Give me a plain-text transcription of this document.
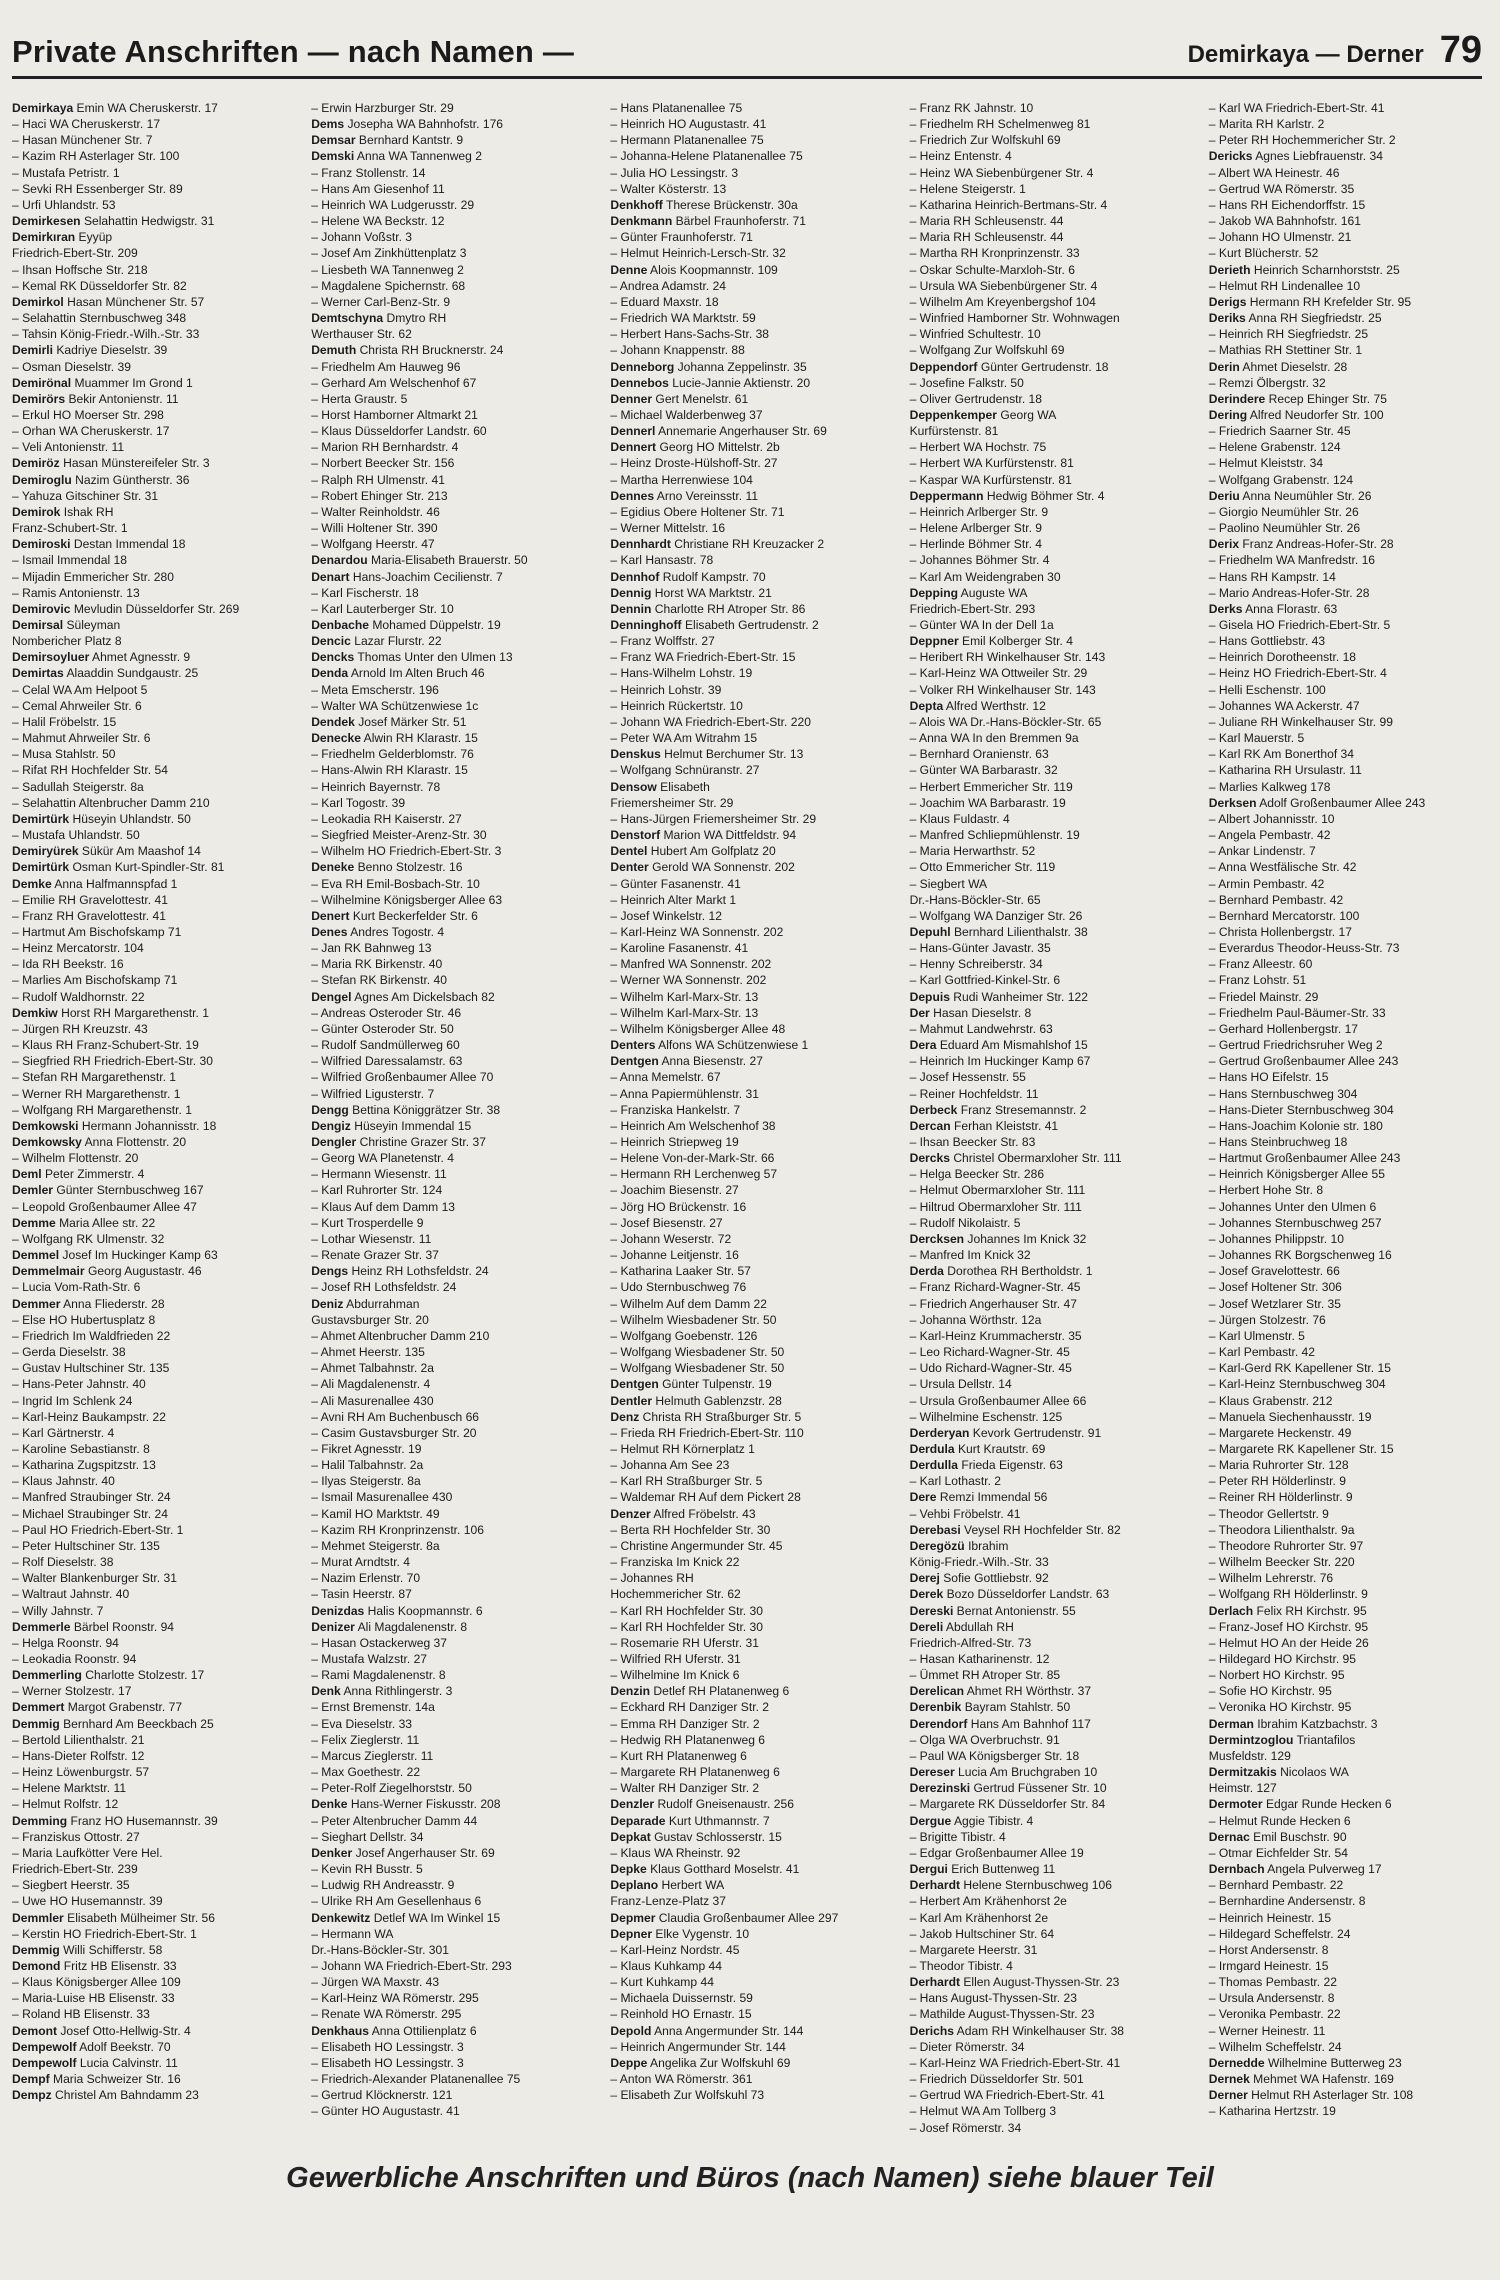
Private Anschriften — nach Namen —	Demirkaya — Derner 79
Demirkaya Emin WA Cheruskerstr. 17
– Haci WA Cheruskerstr. 17
– Hasan Münchener Str. 7
– Kazim RH Asterlager Str. 100
– Mustafa Petristr. 1
– Sevki RH Essenberger Str. 89
– Urfi Uhlandstr. 53
Demirkesen Selahattin Hedwigstr. 31
Demirkıran Eyyüp
Friedrich-Ebert-Str. 209
– Ihsan Hoffsche Str. 218
– Kemal RK Düsseldorfer Str. 82
Demirkol Hasan Münchener Str. 57
– Selahattin Sternbuschweg 348
– Tahsin König-Friedr.-Wilh.-Str. 33
Demirli Kadriye Dieselstr. 39
– Osman Dieselstr. 39
Demirönal Muammer Im Grond 1
Demirörs Bekir Antonienstr. 11
– Erkul HO Moerser Str. 298
– Orhan WA Cheruskerstr. 17
– Veli Antonienstr. 11
Demiröz Hasan Münstereifeler Str. 3
Demiroglu Nazim Güntherstr. 36
– Yahuza Gitschiner Str. 31
Demirok Ishak RH
Franz-Schubert-Str. 1
Demiroski Destan Immendal 18
– Ismail Immendal 18
– Mijadin Emmericher Str. 280
– Ramis Antonienstr. 13
Demirovic Mevludin Düsseldorfer Str. 269
Demirsal Süleyman
Nombericher Platz 8
Demirsoyluer Ahmet Agnesstr. 9
Demirtas Alaaddin Sundgaustr. 25
– Celal WA Am Helpoot 5
– Cemal Ahrweiler Str. 6
– Halil Fröbelstr. 15
– Mahmut Ahrweiler Str. 6
– Musa Stahlstr. 50
– Rifat RH Hochfelder Str. 54
– Sadullah Steigerstr. 8a
– Selahattin Altenbrucher Damm 210
Demirtürk Hüseyin Uhlandstr. 50
– Mustafa Uhlandstr. 50
Demiryürek Sükür Am Maashof 14
Demirtürk Osman Kurt-Spindler-Str. 81
Demke Anna Halfmannspfad 1
– Emilie RH Gravelottestr. 41
– Franz RH Gravelottestr. 41
– Hartmut Am Bischofskamp 71
– Heinz Mercatorstr. 104
– Ida RH Beekstr. 16
– Marlies Am Bischofskamp 71
– Rudolf Waldhornstr. 22
Demkiw Horst RH Margarethenstr. 1
– Jürgen RH Kreuzstr. 43
– Klaus RH Franz-Schubert-Str. 19
– Siegfried RH Friedrich-Ebert-Str. 30
– Stefan RH Margarethenstr. 1
– Werner RH Margarethenstr. 1
– Wolfgang RH Margarethenstr. 1
Demkowski Hermann Johannisstr. 18
Demkowsky Anna Flottenstr. 20
– Wilhelm Flottenstr. 20
Deml Peter Zimmerstr. 4
Demler Günter Sternbuschweg 167
– Leopold Großenbaumer Allee 47
Demme Maria Allee str. 22
– Wolfgang RK Ulmenstr. 32
Demmel Josef Im Huckinger Kamp 63
Demmelmair Georg Augustastr. 46
– Lucia Vom-Rath-Str. 6
Demmer Anna Fliederstr. 28
– Else HO Hubertusplatz 8
– Friedrich Im Waldfrieden 22
– Gerda Dieselstr. 38
– Gustav Hultschiner Str. 135
– Hans-Peter Jahnstr. 40
– Ingrid Im Schlenk 24
– Karl-Heinz Baukampstr. 22
– Karl Gärtnerstr. 4
– Karoline Sebastianstr. 8
– Katharina Zugspitzstr. 13
– Klaus Jahnstr. 40
– Manfred Straubinger Str. 24
– Michael Straubinger Str. 24
– Paul HO Friedrich-Ebert-Str. 1
– Peter Hultschiner Str. 135
– Rolf Dieselstr. 38
– Walter Blankenburger Str. 31
– Waltraut Jahnstr. 40
– Willy Jahnstr. 7
Demmerle Bärbel Roonstr. 94
– Helga Roonstr. 94
– Leokadia Roonstr. 94
Demmerling Charlotte Stolzestr. 17
– Werner Stolzestr. 17
Demmert Margot Grabenstr. 77
Demmig Bernhard Am Beeckbach 25
– Bertold Lilienthalstr. 21
– Hans-Dieter Rolfstr. 12
– Heinz Löwenburgstr. 57
– Helene Marktstr. 11
– Helmut Rolfstr. 12
Demming Franz HO Husemannstr. 39
– Franziskus Ottostr. 27
– Maria Laufkötter Vere Hel.
Friedrich-Ebert-Str. 239
– Siegbert Heerstr. 35
– Uwe HO Husemannstr. 39
Demmler Elisabeth Mülheimer Str. 56
– Kerstin HO Friedrich-Ebert-Str. 1
Demmig Willi Schifferstr. 58
Demond Fritz HB Elisenstr. 33
– Klaus Königsberger Allee 109
– Maria-Luise HB Elisenstr. 33
– Roland HB Elisenstr. 33
Demont Josef Otto-Hellwig-Str. 4
Dempewolf Adolf Beekstr. 70
Dempewolf Lucia Calvinstr. 11
Dempf Maria Schweizer Str. 16
Dempz Christel Am Bahndamm 23
– Erwin Harzburger Str. 29
Dems Josepha WA Bahnhofstr. 176
Demsar Bernhard Kantstr. 9
Demski Anna WA Tannenweg 2
– Franz Stollenstr. 14
– Hans Am Giesenhof 11
– Heinrich WA Ludgerusstr. 29
– Helene WA Beckstr. 12
– Johann Voßstr. 3
– Josef Am Zinkhüttenplatz 3
– Liesbeth WA Tannenweg 2
– Magdalene Spichernstr. 68
– Werner Carl-Benz-Str. 9
Demtschyna Dmytro RH
Werthauser Str. 62
Demuth Christa RH Brucknerstr. 24
– Friedhelm Am Hauweg 96
– Gerhard Am Welschenhof 67
– Herta Graustr. 5
– Horst Hamborner Altmarkt 21
– Klaus Düsseldorfer Landstr. 60
– Marion RH Bernhardstr. 4
– Norbert Beecker Str. 156
– Ralph RH Ulmenstr. 41
– Robert Ehinger Str. 213
– Walter Reinholdstr. 46
– Willi Holtener Str. 390
– Wolfgang Heerstr. 47
Denardou Maria-Elisabeth Brauerstr. 50
Denart Hans-Joachim Cecilienstr. 7
– Karl Fischerstr. 18
– Karl Lauterberger Str. 10
Denbache Mohamed Düppelstr. 19
Dencic Lazar Flurstr. 22
Dencks Thomas Unter den Ulmen 13
Denda Arnold Im Alten Bruch 46
– Meta Emscherstr. 196
– Walter WA Schützenwiese 1c
Dendek Josef Märker Str. 51
Denecke Alwin RH Klarastr. 15
– Friedhelm Gelderblomstr. 76
– Hans-Alwin RH Klarastr. 15
– Heinrich Bayernstr. 78
– Karl Togostr. 39
– Leokadia RH Kaiserstr. 27
– Siegfried Meister-Arenz-Str. 30
– Wilhelm HO Friedrich-Ebert-Str. 3
Deneke Benno Stolzestr. 16
– Eva RH Emil-Bosbach-Str. 10
– Wilhelmine Königsberger Allee 63
Denert Kurt Beckerfelder Str. 6
Denes Andres Togostr. 4
– Jan RK Bahnweg 13
– Maria RK Birkenstr. 40
– Stefan RK Birkenstr. 40
Dengel Agnes Am Dickelsbach 82
– Andreas Osteroder Str. 46
– Günter Osteroder Str. 50
– Rudolf Sandmüllerweg 60
– Wilfried Daressalamstr. 63
– Wilfried Großenbaumer Allee 70
– Wilfried Ligusterstr. 7
Dengg Bettina Königgrätzer Str. 38
Dengiz Hüseyin Immendal 15
Dengler Christine Grazer Str. 37
– Georg WA Planetenstr. 4
– Hermann Wiesenstr. 11
– Karl Ruhrorter Str. 124
– Klaus Auf dem Damm 13
– Kurt Trosperdelle 9
– Lothar Wiesenstr. 11
– Renate Grazer Str. 37
Dengs Heinz RH Lothsfeldstr. 24
– Josef RH Lothsfeldstr. 24
Deniz Abdurrahman
Gustavsburger Str. 20
– Ahmet Altenbrucher Damm 210
– Ahmet Heerstr. 135
– Ahmet Talbahnstr. 2a
– Ali Magdalenenstr. 4
– Ali Masurenallee 430
– Avni RH Am Buchenbusch 66
– Casim Gustavsburger Str. 20
– Fikret Agnesstr. 19
– Halil Talbahnstr. 2a
– Ilyas Steigerstr. 8a
– Ismail Masurenallee 430
– Kamil HO Marktstr. 49
– Kazim RH Kronprinzenstr. 106
– Mehmet Steigerstr. 8a
– Murat Arndtstr. 4
– Nazim Erlenstr. 70
– Tasin Heerstr. 87
Denizdas Halis Koopmannstr. 6
Denizer Ali Magdalenenstr. 8
– Hasan Ostackerweg 37
– Mustafa Walzstr. 27
– Rami Magdalenenstr. 8
Denk Anna Rithlingerstr. 3
– Ernst Bremenstr. 14a
– Eva Dieselstr. 33
– Felix Zieglerstr. 11
– Marcus Zieglerstr. 11
– Max Goethestr. 22
– Peter-Rolf Ziegelhorststr. 50
Denke Hans-Werner Fiskusstr. 208
– Peter Altenbrucher Damm 44
– Sieghart Dellstr. 34
Denker Josef Angerhauser Str. 69
– Kevin RH Busstr. 5
– Ludwig RH Andreasstr. 9
– Ulrike RH Am Gesellenhaus 6
Denkewitz Detlef WA Im Winkel 15
– Hermann WA
Dr.-Hans-Böckler-Str. 301
– Johann WA Friedrich-Ebert-Str. 293
– Jürgen WA Maxstr. 43
– Karl-Heinz WA Römerstr. 295
– Renate WA Römerstr. 295
Denkhaus Anna Ottilienplatz 6
– Elisabeth HO Lessingstr. 3
– Elisabeth HO Lessingstr. 3
– Friedrich-Alexander Platanenallee 75
– Gertrud Klöcknerstr. 121
– Günter HO Augustastr. 41
– Hans Platanenallee 75
– Heinrich HO Augustastr. 41
– Hermann Platanenallee 75
– Johanna-Helene Platanenallee 75
– Julia HO Lessingstr. 3
– Walter Kösterstr. 13
Denkhoff Therese Brückenstr. 30a
Denkmann Bärbel Fraunhoferstr. 71
– Günter Fraunhoferstr. 71
– Helmut Heinrich-Lersch-Str. 32
Denne Alois Koopmannstr. 109
– Andrea Adamstr. 24
– Eduard Maxstr. 18
– Friedrich WA Marktstr. 59
– Herbert Hans-Sachs-Str. 38
– Johann Knappenstr. 88
Denneborg Johanna Zeppelinstr. 35
Dennebos Lucie-Jannie Aktienstr. 20
Denner Gert Menelstr. 61
– Michael Walderbenweg 37
Dennerl Annemarie Angerhauser Str. 69
Dennert Georg HO Mittelstr. 2b
– Heinz Droste-Hülshoff-Str. 27
– Martha Herrenwiese 104
Dennes Arno Vereinsstr. 11
– Egidius Obere Holtener Str. 71
– Werner Mittelstr. 16
Dennhardt Christiane RH Kreuzacker 2
– Karl Hansastr. 78
Dennhof Rudolf Kampstr. 70
Dennig Horst WA Marktstr. 21
Dennin Charlotte RH Atroper Str. 86
Denninghoff Elisabeth Gertrudenstr. 2
– Franz Wolffstr. 27
– Franz WA Friedrich-Ebert-Str. 15
– Hans-Wilhelm Lohstr. 19
– Heinrich Lohstr. 39
– Heinrich Rückertstr. 10
– Johann WA Friedrich-Ebert-Str. 220
– Peter WA Am Witrahm 15
Denskus Helmut Berchumer Str. 13
– Wolfgang Schnüranstr. 27
Densow Elisabeth
Friemersheimer Str. 29
– Hans-Jürgen Friemersheimer Str. 29
Denstorf Marion WA Dittfeldstr. 94
Dentel Hubert Am Golfplatz 20
Denter Gerold WA Sonnenstr. 202
– Günter Fasanenstr. 41
– Heinrich Alter Markt 1
– Josef Winkelstr. 12
– Karl-Heinz WA Sonnenstr. 202
– Karoline Fasanenstr. 41
– Manfred WA Sonnenstr. 202
– Werner WA Sonnenstr. 202
– Wilhelm Karl-Marx-Str. 13
– Wilhelm Karl-Marx-Str. 13
– Wilhelm Königsberger Allee 48
Denters Alfons WA Schützenwiese 1
Dentgen Anna Biesenstr. 27
– Anna Memelstr. 67
– Anna Papiermühlenstr. 31
– Franziska Hankelstr. 7
– Heinrich Am Welschenhof 38
– Heinrich Striepweg 19
– Helene Von-der-Mark-Str. 66
– Hermann RH Lerchenweg 57
– Joachim Biesenstr. 27
– Jörg HO Brückenstr. 16
– Josef Biesenstr. 27
– Johann Weserstr. 72
– Johanne Leitjenstr. 16
– Katharina Laaker Str. 57
– Udo Sternbuschweg 76
– Wilhelm Auf dem Damm 22
– Wilhelm Wiesbadener Str. 50
– Wolfgang Goebenstr. 126
– Wolfgang Wiesbadener Str. 50
– Wolfgang Wiesbadener Str. 50
Dentgen Günter Tulpenstr. 19
Dentler Helmuth Gablenzstr. 28
Denz Christa RH Straßburger Str. 5
– Frieda RH Friedrich-Ebert-Str. 110
– Helmut RH Körnerplatz 1
– Johanna Am See 23
– Karl RH Straßburger Str. 5
– Waldemar RH Auf dem Pickert 28
Denzer Alfred Fröbelstr. 43
– Berta RH Hochfelder Str. 30
– Christine Angermunder Str. 45
– Franziska Im Knick 22
– Johannes RH
Hochemmericher Str. 62
– Karl RH Hochfelder Str. 30
– Karl RH Hochfelder Str. 30
– Rosemarie RH Uferstr. 31
– Wilfried RH Uferstr. 31
– Wilhelmine Im Knick 6
Denzin Detlef RH Platanenweg 6
– Eckhard RH Danziger Str. 2
– Emma RH Danziger Str. 2
– Hedwig RH Platanenweg 6
– Kurt RH Platanenweg 6
– Margarete RH Platanenweg 6
– Walter RH Danziger Str. 2
Denzler Rudolf Gneisenaustr. 256
Deparade Kurt Uthmannstr. 7
Depkat Gustav Schlosserstr. 15
– Klaus WA Rheinstr. 92
Depke Klaus Gotthard Moselstr. 41
Deplano Herbert WA
Franz-Lenze-Platz 37
Depmer Claudia Großenbaumer Allee 297
Depner Elke Vygenstr. 10
– Karl-Heinz Nordstr. 45
– Klaus Kuhkamp 44
– Kurt Kuhkamp 44
– Michaela Duissernstr. 59
– Reinhold HO Ernastr. 15
Depold Anna Angermunder Str. 144
– Heinrich Angermunder Str. 144
Deppe Angelika Zur Wolfskuhl 69
– Anton WA Römerstr. 361
– Elisabeth Zur Wolfskuhl 73
– Franz RK Jahnstr. 10
– Friedhelm RH Schelmenweg 81
– Friedrich Zur Wolfskuhl 69
– Heinz Entenstr. 4
– Heinz WA Siebenbürgener Str. 4
– Helene Steigerstr. 1
– Katharina Heinrich-Bertmans-Str. 4
– Maria RH Schleusenstr. 44
– Maria RH Schleusenstr. 44
– Martha RH Kronprinzenstr. 33
– Oskar Schulte-Marxloh-Str. 6
– Ursula WA Siebenbürgener Str. 4
– Wilhelm Am Kreyenbergshof 104
– Winfried Hamborner Str. Wohnwagen
– Winfried Schultestr. 10
– Wolfgang Zur Wolfskuhl 69
Deppendorf Günter Gertrudenstr. 18
– Josefine Falkstr. 50
– Oliver Gertrudenstr. 18
Deppenkemper Georg WA
Kurfürstenstr. 81
– Herbert WA Hochstr. 75
– Herbert WA Kurfürstenstr. 81
– Kaspar WA Kurfürstenstr. 81
Deppermann Hedwig Böhmer Str. 4
– Heinrich Arlberger Str. 9
– Helene Arlberger Str. 9
– Herlinde Böhmer Str. 4
– Johannes Böhmer Str. 4
– Karl Am Weidengraben 30
Depping Auguste WA
Friedrich-Ebert-Str. 293
– Günter WA In der Dell 1a
Deppner Emil Kolberger Str. 4
– Heribert RH Winkelhauser Str. 143
– Karl-Heinz WA Ottweiler Str. 29
– Volker RH Winkelhauser Str. 143
Depta Alfred Werthstr. 12
– Alois WA Dr.-Hans-Böckler-Str. 65
– Anna WA In den Bremmen 9a
– Bernhard Oranienstr. 63
– Günter WA Barbarastr. 32
– Herbert Emmericher Str. 119
– Joachim WA Barbarastr. 19
– Klaus Fuldastr. 4
– Manfred Schliepmühlenstr. 19
– Maria Herwarthstr. 52
– Otto Emmericher Str. 119
– Siegbert WA
Dr.-Hans-Böckler-Str. 65
– Wolfgang WA Danziger Str. 26
Depuhl Bernhard Lilienthalstr. 38
– Hans-Günter Javastr. 35
– Henny Schreiberstr. 34
– Karl Gottfried-Kinkel-Str. 6
Depuis Rudi Wanheimer Str. 122
Der Hasan Dieselstr. 8
– Mahmut Landwehrstr. 63
Dera Eduard Am Mismahlshof 15
– Heinrich Im Huckinger Kamp 67
– Josef Hessenstr. 55
– Reiner Hochfeldstr. 11
Derbeck Franz Stresemannstr. 2
Dercan Ferhan Kleiststr. 41
– Ihsan Beecker Str. 83
Dercks Christel Obermarxloher Str. 111
– Helga Beecker Str. 286
– Helmut Obermarxloher Str. 111
– Hiltrud Obermarxloher Str. 111
– Rudolf Nikolaistr. 5
Dercksen Johannes Im Knick 32
– Manfred Im Knick 32
Derda Dorothea RH Bertholdstr. 1
– Franz Richard-Wagner-Str. 45
– Friedrich Angerhauser Str. 47
– Johanna Wörthstr. 12a
– Karl-Heinz Krummacherstr. 35
– Leo Richard-Wagner-Str. 45
– Udo Richard-Wagner-Str. 45
– Ursula Dellstr. 14
– Ursula Großenbaumer Allee 66
– Wilhelmine Eschenstr. 125
Derderyan Kevork Gertrudenstr. 91
Derdula Kurt Krautstr. 69
Derdulla Frieda Eigenstr. 63
– Karl Lothastr. 2
Dere Remzi Immendal 56
– Vehbi Fröbelstr. 41
Derebasi Veysel RH Hochfelder Str. 82
Deregözü Ibrahim
König-Friedr.-Wilh.-Str. 33
Derej Sofie Gottliebstr. 92
Derek Bozo Düsseldorfer Landstr. 63
Dereski Bernat Antonienstr. 55
Dereli Abdullah RH
Friedrich-Alfred-Str. 73
– Hasan Katharinenstr. 12
– Ümmet RH Atroper Str. 85
Derelican Ahmet RH Wörthstr. 37
Derenbik Bayram Stahlstr. 50
Derendorf Hans Am Bahnhof 117
– Olga WA Overbruchstr. 91
– Paul WA Königsberger Str. 18
Dereser Lucia Am Bruchgraben 10
Derezinski Gertrud Füssener Str. 10
– Margarete RK Düsseldorfer Str. 84
Dergue Aggie Tibistr. 4
– Brigitte Tibistr. 4
– Edgar Großenbaumer Allee 19
Dergui Erich Buttenweg 11
Derhardt Helene Sternbuschweg 106
– Herbert Am Krähenhorst 2e
– Karl Am Krähenhorst 2e
– Jakob Hultschiner Str. 64
– Margarete Heerstr. 31
– Theodor Tibistr. 4
Derhardt Ellen August-Thyssen-Str. 23
– Hans August-Thyssen-Str. 23
– Mathilde August-Thyssen-Str. 23
Derichs Adam RH Winkelhauser Str. 38
– Dieter Römerstr. 34
– Karl-Heinz WA Friedrich-Ebert-Str. 41
– Friedrich Düsseldorfer Str. 501
– Gertrud WA Friedrich-Ebert-Str. 41
– Helmut WA Am Tollberg 3
– Josef Römerstr. 34
– Karl WA Friedrich-Ebert-Str. 41
– Marita RH Karlstr. 2
– Peter RH Hochemmericher Str. 2
Dericks Agnes Liebfrauenstr. 34
– Albert WA Heinestr. 46
– Gertrud WA Römerstr. 35
– Hans RH Eichendorffstr. 15
– Jakob WA Bahnhofstr. 161
– Johann HO Ulmenstr. 21
– Kurt Blücherstr. 52
Derieth Heinrich Scharnhorststr. 25
– Helmut RH Lindenallee 10
Derigs Hermann RH Krefelder Str. 95
Deriks Anna RH Siegfriedstr. 25
– Heinrich RH Siegfriedstr. 25
– Mathias RH Stettiner Str. 1
Derin Ahmet Dieselstr. 28
– Remzi Ölbergstr. 32
Derindere Recep Ehinger Str. 75
Dering Alfred Neudorfer Str. 100
– Friedrich Saarner Str. 45
– Helene Grabenstr. 124
– Helmut Kleiststr. 34
– Wolfgang Grabenstr. 124
Deriu Anna Neumühler Str. 26
– Giorgio Neumühler Str. 26
– Paolino Neumühler Str. 26
Derix Franz Andreas-Hofer-Str. 28
– Friedhelm WA Manfredstr. 16
– Hans RH Kampstr. 14
– Mario Andreas-Hofer-Str. 28
Derks Anna Florastr. 63
– Gisela HO Friedrich-Ebert-Str. 5
– Hans Gottliebstr. 43
– Heinrich Dorotheenstr. 18
– Heinz HO Friedrich-Ebert-Str. 4
– Helli Eschenstr. 100
– Johannes WA Ackerstr. 47
– Juliane RH Winkelhauser Str. 99
– Karl Mauerstr. 5
– Karl RK Am Bonerthof 34
– Katharina RH Ursulastr. 11
– Marlies Kalkweg 178
Derksen Adolf Großenbaumer Allee 243
– Albert Johannisstr. 10
– Angela Pembastr. 42
– Ankar Lindenstr. 7
– Anna Westfälische Str. 42
– Armin Pembastr. 42
– Bernhard Pembastr. 42
– Bernhard Mercatorstr. 100
– Christa Hollenbergstr. 17
– Everardus Theodor-Heuss-Str. 73
– Franz Alleestr. 60
– Franz Lohstr. 51
– Friedel Mainstr. 29
– Friedhelm Paul-Bäumer-Str. 33
– Gerhard Hollenbergstr. 17
– Gertrud Friedrichsruher Weg 2
– Gertrud Großenbaumer Allee 243
– Hans HO Eifelstr. 15
– Hans Sternbuschweg 304
– Hans-Dieter Sternbuschweg 304
– Hans-Joachim Kolonie str. 180
– Hans Steinbruchweg 18
– Hartmut Großenbaumer Allee 243
– Heinrich Königsberger Allee 55
– Herbert Hohe Str. 8
– Johannes Unter den Ulmen 6
– Johannes Sternbuschweg 257
– Johannes Philippstr. 10
– Johannes RK Borgschenweg 16
– Josef Gravelottestr. 66
– Josef Holtener Str. 306
– Josef Wetzlarer Str. 35
– Jürgen Stolzestr. 76
– Karl Ulmenstr. 5
– Karl Pembastr. 42
– Karl-Gerd RK Kapellener Str. 15
– Karl-Heinz Sternbuschweg 304
– Klaus Grabenstr. 212
– Manuela Siechenhausstr. 19
– Margarete Heckenstr. 49
– Margarete RK Kapellener Str. 15
– Maria Ruhrorter Str. 128
– Peter RH Hölderlinstr. 9
– Reiner RH Hölderlinstr. 9
– Theodor Gellertstr. 9
– Theodora Lilienthalstr. 9a
– Theodore Ruhrorter Str. 97
– Wilhelm Beecker Str. 220
– Wilhelm Lehrerstr. 76
– Wolfgang RH Hölderlinstr. 9
Derlach Felix RH Kirchstr. 95
– Franz-Josef HO Kirchstr. 95
– Helmut HO An der Heide 26
– Hildegard HO Kirchstr. 95
– Norbert HO Kirchstr. 95
– Sofie HO Kirchstr. 95
– Veronika HO Kirchstr. 95
Derman Ibrahim Katzbachstr. 3
Dermintzoglou Triantafilos
Musfeldstr. 129
Dermitzakis Nicolaos WA
Heimstr. 127
Dermoter Edgar Runde Hecken 6
– Helmut Runde Hecken 6
Dernac Emil Buschstr. 90
– Otmar Eichfelder Str. 54
Dernbach Angela Pulverweg 17
– Bernhard Pembastr. 22
– Bernhardine Andersenstr. 8
– Heinrich Heinestr. 15
– Hildegard Scheffelstr. 24
– Horst Andersenstr. 8
– Irmgard Heinestr. 15
– Thomas Pembastr. 22
– Ursula Andersenstr. 8
– Veronika Pembastr. 22
– Werner Heinestr. 11
– Wilhelm Scheffelstr. 24
Dernedde Wilhelmine Butterweg 23
Dernek Mehmet WA Hafenstr. 169
Derner Helmut RH Asterlager Str. 108
– Katharina Hertzstr. 19
Gewerbliche Anschriften und Büros (nach Namen) siehe blauer Teil
